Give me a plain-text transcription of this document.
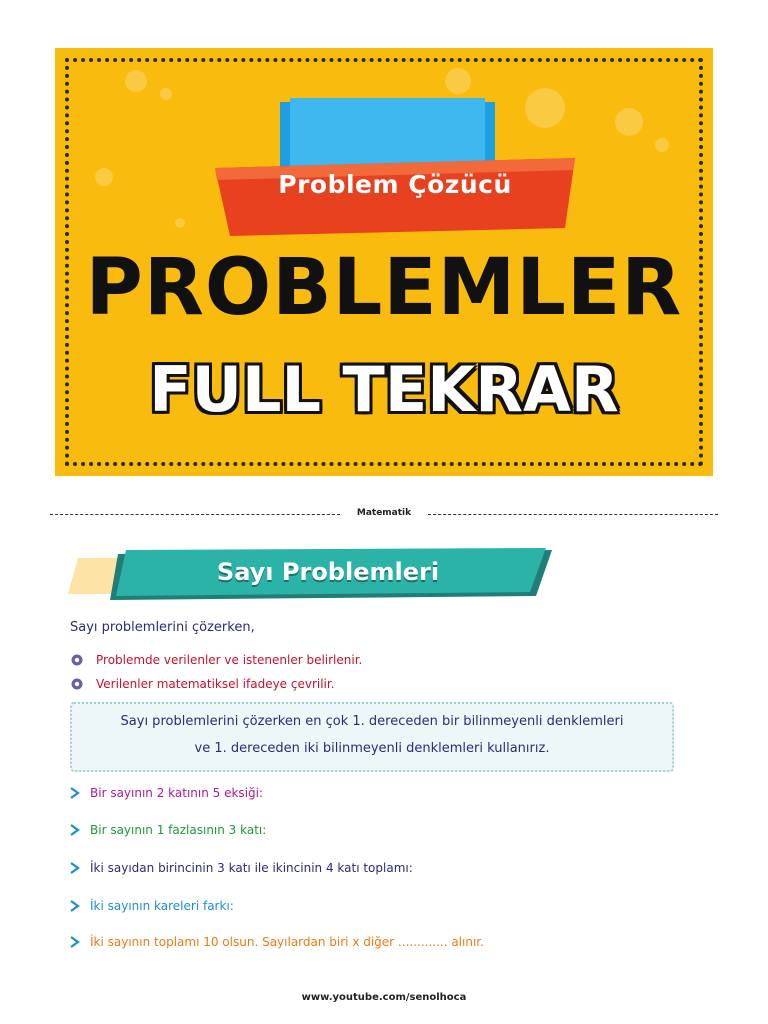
Problem Çözücü
PROBLEMLER
FULL TEKRAR
Matematik
Sayı Problemleri
Sayı problemlerini çözerken,
Problemde verilenler ve istenenler belirlenir.
Verilenler matematiksel ifadeye çevrilir.
Sayı problemlerini çözerken en çok 1. dereceden bir bilinmeyenli denklemleri
ve 1. dereceden iki bilinmeyenli denklemleri kullanırız.
Bir sayının 2 katının 5 eksiği:
Bir sayının 1 fazlasının 3 katı:
İki sayıdan birincinin 3 katı ile ikincinin 4 katı toplamı:
İki sayının kareleri farkı:
İki sayının toplamı 10 olsun. Sayılardan biri x diğer ............. alınır.
www.youtube.com/senolhoca
